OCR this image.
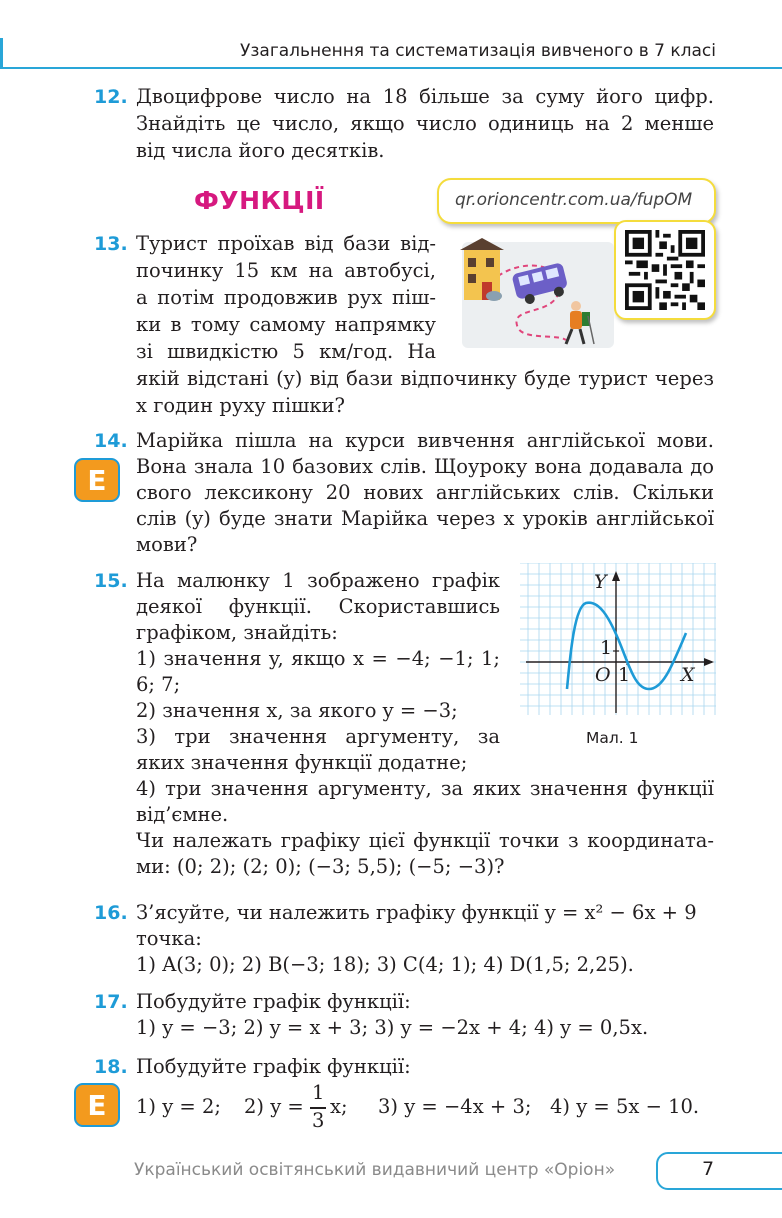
Узагальнення та систематизація вивченого в 7 класі
12. Двоцифрове число на 18 більше за суму його цифр.
Знайдіть це число, якщо число одиниць на 2 менше
від числа його десятків.
ФУНКЦІЇ	qr.orioncentr.com.ua/fupOM
13. Турист проїхав від бази від-
починку 15 км на автобусі,
а потім продовжив рух піш-
ки в тому самому напрямку
зі швидкістю 5 км/год. На
якій відстані (y) від бази відпочинку буде турист через
x годин руху пішки?
14.
E
Марійка пішла на курси вивчення англійської мови.
Вона знала 10 базових слів. Щоуроку вона додавала до
свого лексикону 20 нових англійських слів. Скільки
слів (y) буде знати Марійка через x уроків англійської
мови?
15. На малюнку 1 зображено графік
деякої функції. Скориставшись
графіком, знайдіть:
1) значення y, якщо x = −4; −1; 1;
6; 7;
2) значення x, за якого y = −3;
3) три значення аргументу, за
яких значення функції додатне;
4) три значення аргументу, за яких значення функції
від’ємне.
Чи належать графіку цієї функції точки з координата-
ми: (0; 2); (2; 0); (−3; 5,5); (−5; −3)?
Y
X
O 1
1
Мал. 1
16. З’ясуйте, чи належить графіку функції y = x² − 6x + 9
точка:
1) A(3; 0); 2) B(−3; 18); 3) C(4; 1); 4) D(1,5; 2,25).
17. Побудуйте графік функції:
1) y = −3; 2) y = x + 3; 3) y = −2x + 4; 4) y = 0,5x.
18. Побудуйте графік функції:
E	1) y = 2; 2) y =
1
3
x; 3) y = −4x + 3; 4) y = 5x − 10.
Український освітянський видавничий центр «Оріон»	7
